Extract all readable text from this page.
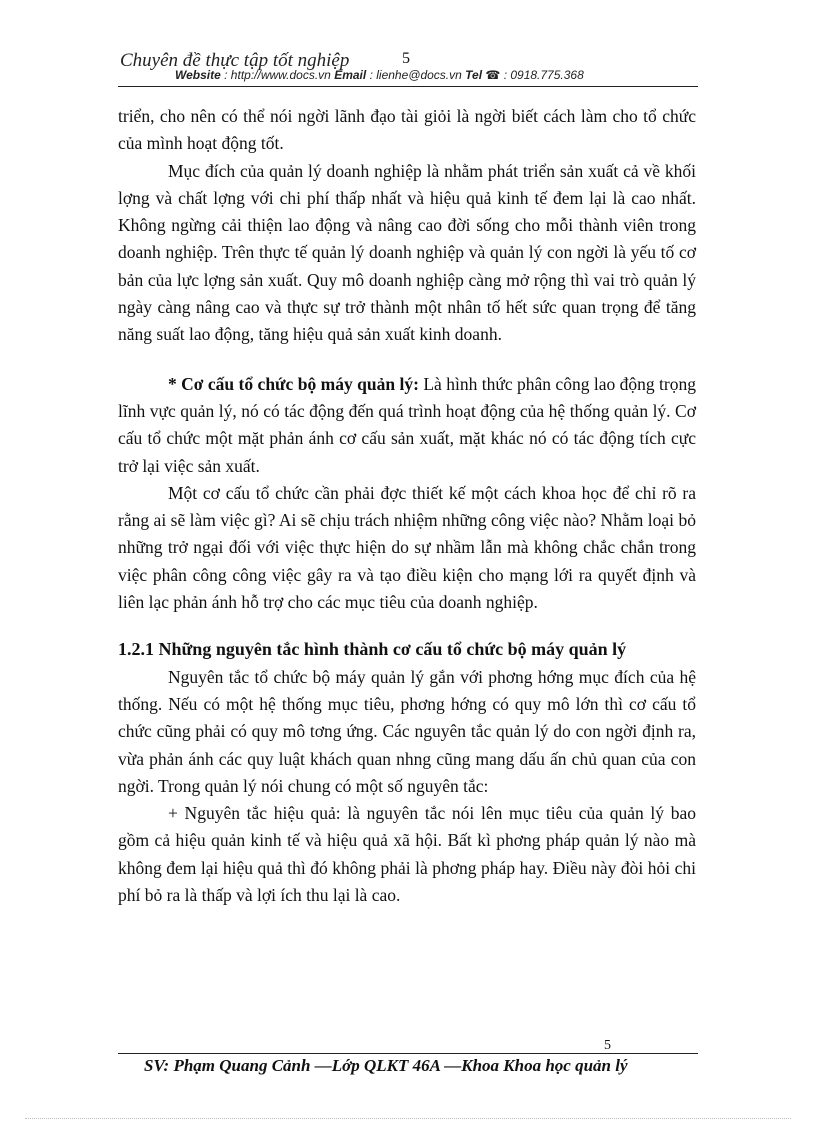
Chuyên đề thực tập tốt nghiệp	5
Website : http://www.docs.vn Email : lienhe@docs.vn Tel ☎ : 0918.775.368

triển, cho nên có thể nói ngời lãnh đạo tài giỏi là ngời biết cách làm cho tổ chức của mình hoạt động tốt.

Mục đích của quản lý doanh nghiệp là nhằm phát triển sản xuất cả về khối lợng và chất lợng với chi phí thấp nhất và hiệu quả kinh tế đem lại là cao nhất. Không ngừng cải thiện lao động và nâng cao đời sống cho mỗi thành viên trong doanh nghiệp. Trên thực tế quản lý doanh nghiệp và quản lý con ngời là yếu tố cơ bản của lực lợng sản xuất. Quy mô doanh nghiệp càng mở rộng thì vai trò quản lý ngày càng nâng cao và thực sự trở thành một nhân tố hết sức quan trọng để tăng năng suất lao động, tăng hiệu quả sản xuất kinh doanh.

* Cơ cấu tổ chức bộ máy quản lý: Là hình thức phân công lao động trọng lĩnh vực quản lý, nó có tác động đến quá trình hoạt động của hệ thống quản lý. Cơ cấu tổ chức một mặt phản ánh cơ cấu sản xuất, mặt khác nó có tác động tích cực trở lại việc sản xuất.

Một cơ cấu tổ chức cần phải đợc thiết kế một cách khoa học để chỉ rõ ra rằng ai sẽ làm việc gì? Ai sẽ chịu trách nhiệm những công việc nào? Nhằm loại bỏ những trở ngại đối với việc thực hiện do sự nhầm lẫn mà không chắc chắn trong việc phân công công việc gây ra và tạo điều kiện cho mạng lới ra quyết định và liên lạc phản ánh hỗ trợ cho các mục tiêu của doanh nghiệp.

1.2.1 Những nguyên tắc hình thành cơ cấu tổ chức bộ máy quản lý

Nguyên tắc tổ chức bộ máy quản lý gắn với phơng hớng mục đích của hệ thống. Nếu có một hệ thống mục tiêu, phơng hớng có quy mô lớn thì cơ cấu tổ chức cũng phải có quy mô tơng ứng. Các nguyên tắc quản lý do con ngời định ra, vừa phản ánh các quy luật khách quan nhng cũng mang dấu ấn chủ quan của con ngời. Trong quản lý nói chung có một số nguyên tắc:

+ Nguyên tắc hiệu quả: là nguyên tắc nói lên mục tiêu của quản lý bao gồm cả hiệu quản kinh tế và hiệu quả xã hội. Bất kì phơng pháp quản lý nào mà không đem lại hiệu quả thì đó không phải là phơng pháp hay. Điều này đòi hỏi chi phí bỏ ra là thấp và lợi ích thu lại là cao.

5
SV: Phạm Quang Cảnh —Lớp QLKT 46A —Khoa Khoa học quản lý
